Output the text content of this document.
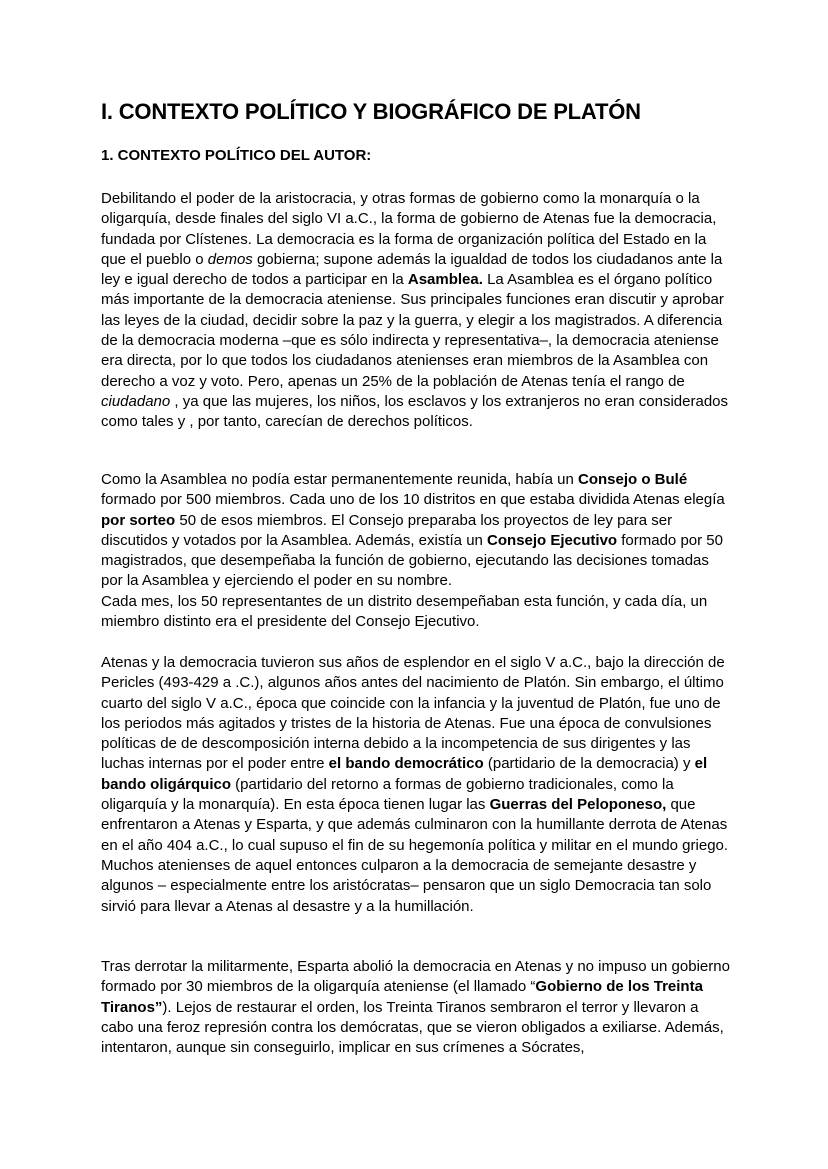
I. CONTEXTO POLÍTICO Y BIOGRÁFICO DE PLATÓN
1. CONTEXTO POLÍTICO DEL AUTOR:

Debilitando el poder de la aristocracia, y otras formas de gobierno como la monarquía o la oligarquía, desde finales del siglo VI a.C., la forma de gobierno de Atenas fue la democracia, fundada por Clístenes. La democracia es la forma de organización política del Estado en la que el pueblo o demos gobierna; supone además la igualdad de todos los ciudadanos ante la ley e igual derecho de todos a participar en la Asamblea. La Asamblea es el órgano político más importante de la democracia ateniense. Sus principales funciones eran discutir y aprobar las leyes de la ciudad, decidir sobre la paz y la guerra, y elegir a los magistrados. A diferencia de la democracia moderna –que es sólo indirecta y representativa–, la democracia ateniense era directa, por lo que todos los ciudadanos atenienses eran miembros de la Asamblea con derecho a voz y voto. Pero, apenas un 25% de la población de Atenas tenía el rango de ciudadano , ya que las mujeres, los niños, los esclavos y los extranjeros no eran considerados como tales y , por tanto, carecían de derechos políticos.

Como la Asamblea no podía estar permanentemente reunida, había un Consejo o Bulé formado por 500 miembros. Cada uno de los 10 distritos en que estaba dividida Atenas elegía por sorteo 50 de esos miembros. El Consejo preparaba los proyectos de ley para ser discutidos y votados por la Asamblea. Además, existía un Consejo Ejecutivo formado por 50 magistrados, que desempeñaba la función de gobierno, ejecutando las decisiones tomadas por la Asamblea y ejerciendo el poder en su nombre.
Cada mes, los 50 representantes de un distrito desempeñaban esta función, y cada día, un miembro distinto era el presidente del Consejo Ejecutivo.

Atenas y la democracia tuvieron sus años de esplendor en el siglo V a.C., bajo la dirección de Pericles (493-429 a .C.), algunos años antes del nacimiento de Platón. Sin embargo, el último cuarto del siglo V a.C., época que coincide con la infancia y la juventud de Platón, fue uno de los periodos más agitados y tristes de la historia de Atenas. Fue una época de convulsiones políticas de de descomposición interna debido a la incompetencia de sus dirigentes y las luchas internas por el poder entre el bando democrático (partidario de la democracia) y el bando oligárquico (partidario del retorno a formas de gobierno tradicionales, como la oligarquía y la monarquía). En esta época tienen lugar las Guerras del Peloponeso, que enfrentaron a Atenas y Esparta, y que además culminaron con la humillante derrota de Atenas en el año 404 a.C., lo cual supuso el fin de su hegemonía política y militar en el mundo griego. Muchos atenienses de aquel entonces culparon a la democracia de semejante desastre y algunos – especialmente entre los aristócratas– pensaron que un siglo Democracia tan solo sirvió para llevar a Atenas al desastre y a la humillación.

Tras derrotar la militarmente, Esparta abolió la democracia en Atenas y no impuso un gobierno formado por 30 miembros de la oligarquía ateniense (el llamado “Gobierno de los Treinta Tiranos”). Lejos de restaurar el orden, los Treinta Tiranos sembraron el terror y llevaron a cabo una feroz represión contra los demócratas, que se vieron obligados a exiliarse. Además, intentaron, aunque sin conseguirlo, implicar en sus crímenes a Sócrates,
